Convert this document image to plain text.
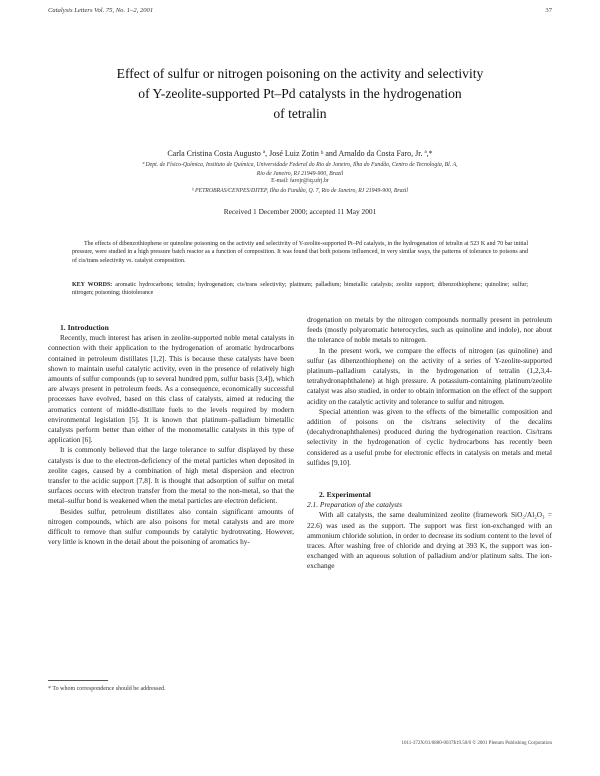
Catalysis Letters Vol. 75, No. 1–2, 2001	37
Effect of sulfur or nitrogen poisoning on the activity and selectivity
of Y-zeolite-supported Pt–Pd catalysts in the hydrogenation
of tetralin
Carla Cristina Costa Augusto ª, José Luiz Zotin ᵇ and Arnaldo da Costa Faro, Jr. ª,*
ª Dept. de Físico-Química, Instituto de Química, Universidade Federal do Rio de Janeiro, Ilha do Fundão, Centro de Tecnologia, Bl. A,
Rio de Janeiro, RJ 21949-900, Brazil
E-mail: farojr@iq.ufrj.br
ᵇ PETROBRAS/CENPES/DITEP, Ilha do Fundão, Q. 7, Rio de Janeiro, RJ 21949-900, Brazil
Received 1 December 2000; accepted 11 May 2001
The effects of dibenzothiophene or quinoline poisoning on the activity and selectivity of Y-zeolite-supported Pt–Pd catalysts, in the hydrogenation of tetralin at 523 K and 70 bar initial pressure, were studied in a high pressure batch reactor as a function of composition. It was found that both poisons influenced, in very similar ways, the patterns of tolerance to poisons and of cis/trans selectivity vs. catalyst composition.
KEY WORDS: aromatic hydrocarbons; tetralin; hydrogenation; cis/trans selectivity; platinum; palladium; bimetallic catalysts; zeolite support; dibenzothiophene; quinoline; sulfur; nitrogen; poisoning; thiotolerance

1. Introduction

Recently, much interest has arisen in zeolite-supported noble metal catalysts in connection with their application to the hydrogenation of aromatic hydrocarbons contained in petroleum distillates [1,2]. This is because these catalysts have been shown to maintain useful catalytic activity, even in the presence of relatively high amounts of sulfur compounds (up to several hundred ppm, sulfur basis [3,4]), which are always present in petroleum feeds. As a consequence, economically successful processes have evolved, based on this class of catalysts, aimed at reducing the aromatics content of middle-distillate fuels to the levels required by modern environmental legislation [5]. It is known that platinum–palladium bimetallic catalysts perform better than either of the monometallic catalysts in this type of application [6].

It is commonly believed that the large tolerance to sulfur displayed by these catalysts is due to the electron-deficiency of the metal particles when deposited in zeolite cages, caused by a combination of high metal dispersion and electron transfer to the acidic support [7,8]. It is thought that adsorption of sulfur on metal surfaces occurs with electron transfer from the metal to the non-metal, so that the metal–sulfur bond is weakened when the metal particles are electron deficient.

Besides sulfur, petroleum distillates also contain significant amounts of nitrogen compounds, which are also poisons for metal catalysts and are more difficult to remove than sulfur compounds by catalytic hydrotreating. However, very little is known in the detail about the poisoning of aromatics hy-

drogenation on metals by the nitrogen compounds normally present in petroleum feeds (mostly polyaromatic heterocycles, such as quinoline and indole), nor about the tolerance of noble metals to nitrogen.

In the present work, we compare the effects of nitrogen (as quinoline) and sulfur (as dibenzothiophene) on the activity of a series of Y-zeolite-supported platinum–palladium catalysts, in the hydrogenation of tetralin (1,2,3,4-tetrahydronaphthalene) at high pressure. A potassium-containing platinum/zeolite catalyst was also studied, in order to obtain information on the effect of the support acidity on the catalytic activity and tolerance to sulfur and nitrogen.

Special attention was given to the effects of the bimetallic composition and addition of poisons on the cis/trans selectivity of the decalins (decahydronaphthalenes) produced during the hydrogenation reaction. Cis/trans selectivity in the hydrogenation of cyclic hydrocarbons has recently been considered as a useful probe for electronic effects in catalysis on metals and metal sulfides [9,10].

2. Experimental

2.1. Preparation of the catalysts

With all catalysts, the same dealuminized zeolite (framework SiO₂/Al₂O₃ = 22.6) was used as the support. The support was first ion-exchanged with an ammonium chloride solution, in order to decrease its sodium content to the level of traces. After washing free of chloride and drying at 393 K, the support was ion-exchanged with an aqueous solution of palladium and/or platinum salts. The ion-exchange

* To whom correspondence should be addressed.
1011-372X/01/0800-0037$19.50/0 © 2001 Plenum Publishing Corporation
